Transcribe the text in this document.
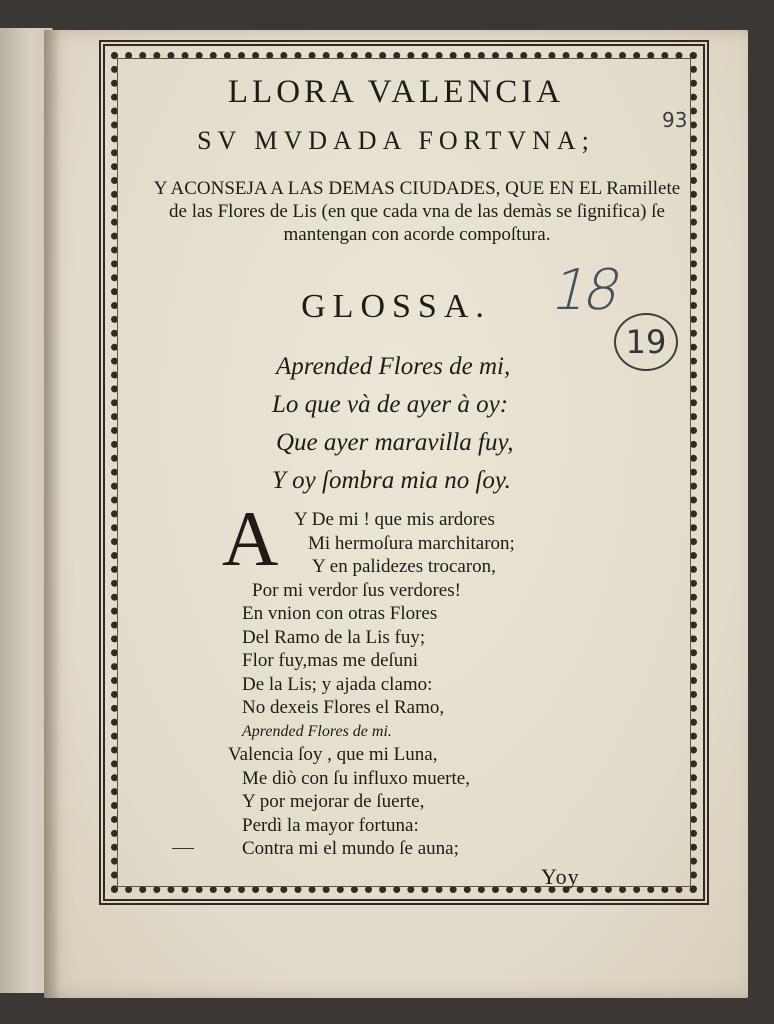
93
18
19
LLORA VALENCIA
SV MVDADA FORTVNA;
Y ACONSEJA A LAS DEMAS CIUDADES, QUE EN EL Ramillete de las Flores de Lis (en que cada vna de las demàs se ſignifica) ſe mantengan con acorde compoſtura.
GLOSSA.
Aprended Flores de mi,
Lo que và de ayer à oy:
Que ayer maravilla fuy,
Y oy ſombra mia no ſoy.
A Y De mi ! que mis ardores
Mi hermoſura marchitaron;
Y en palidezes trocaron,
Por mi verdor ſus verdores!
En vnion con otras Flores
Del Ramo de la Lis fuy;
Flor fuy,mas me deſuni
De la Lis; y ajada clamo:
No dexeis Flores el Ramo,
Aprended Flores de mi.
Valencia ſoy , que mi Luna,
Me diò con ſu influxo muerte,
Y por mejorar de ſuerte,
Perdì la mayor fortuna:
Contra mi el mundo ſe auna;
Yoy
